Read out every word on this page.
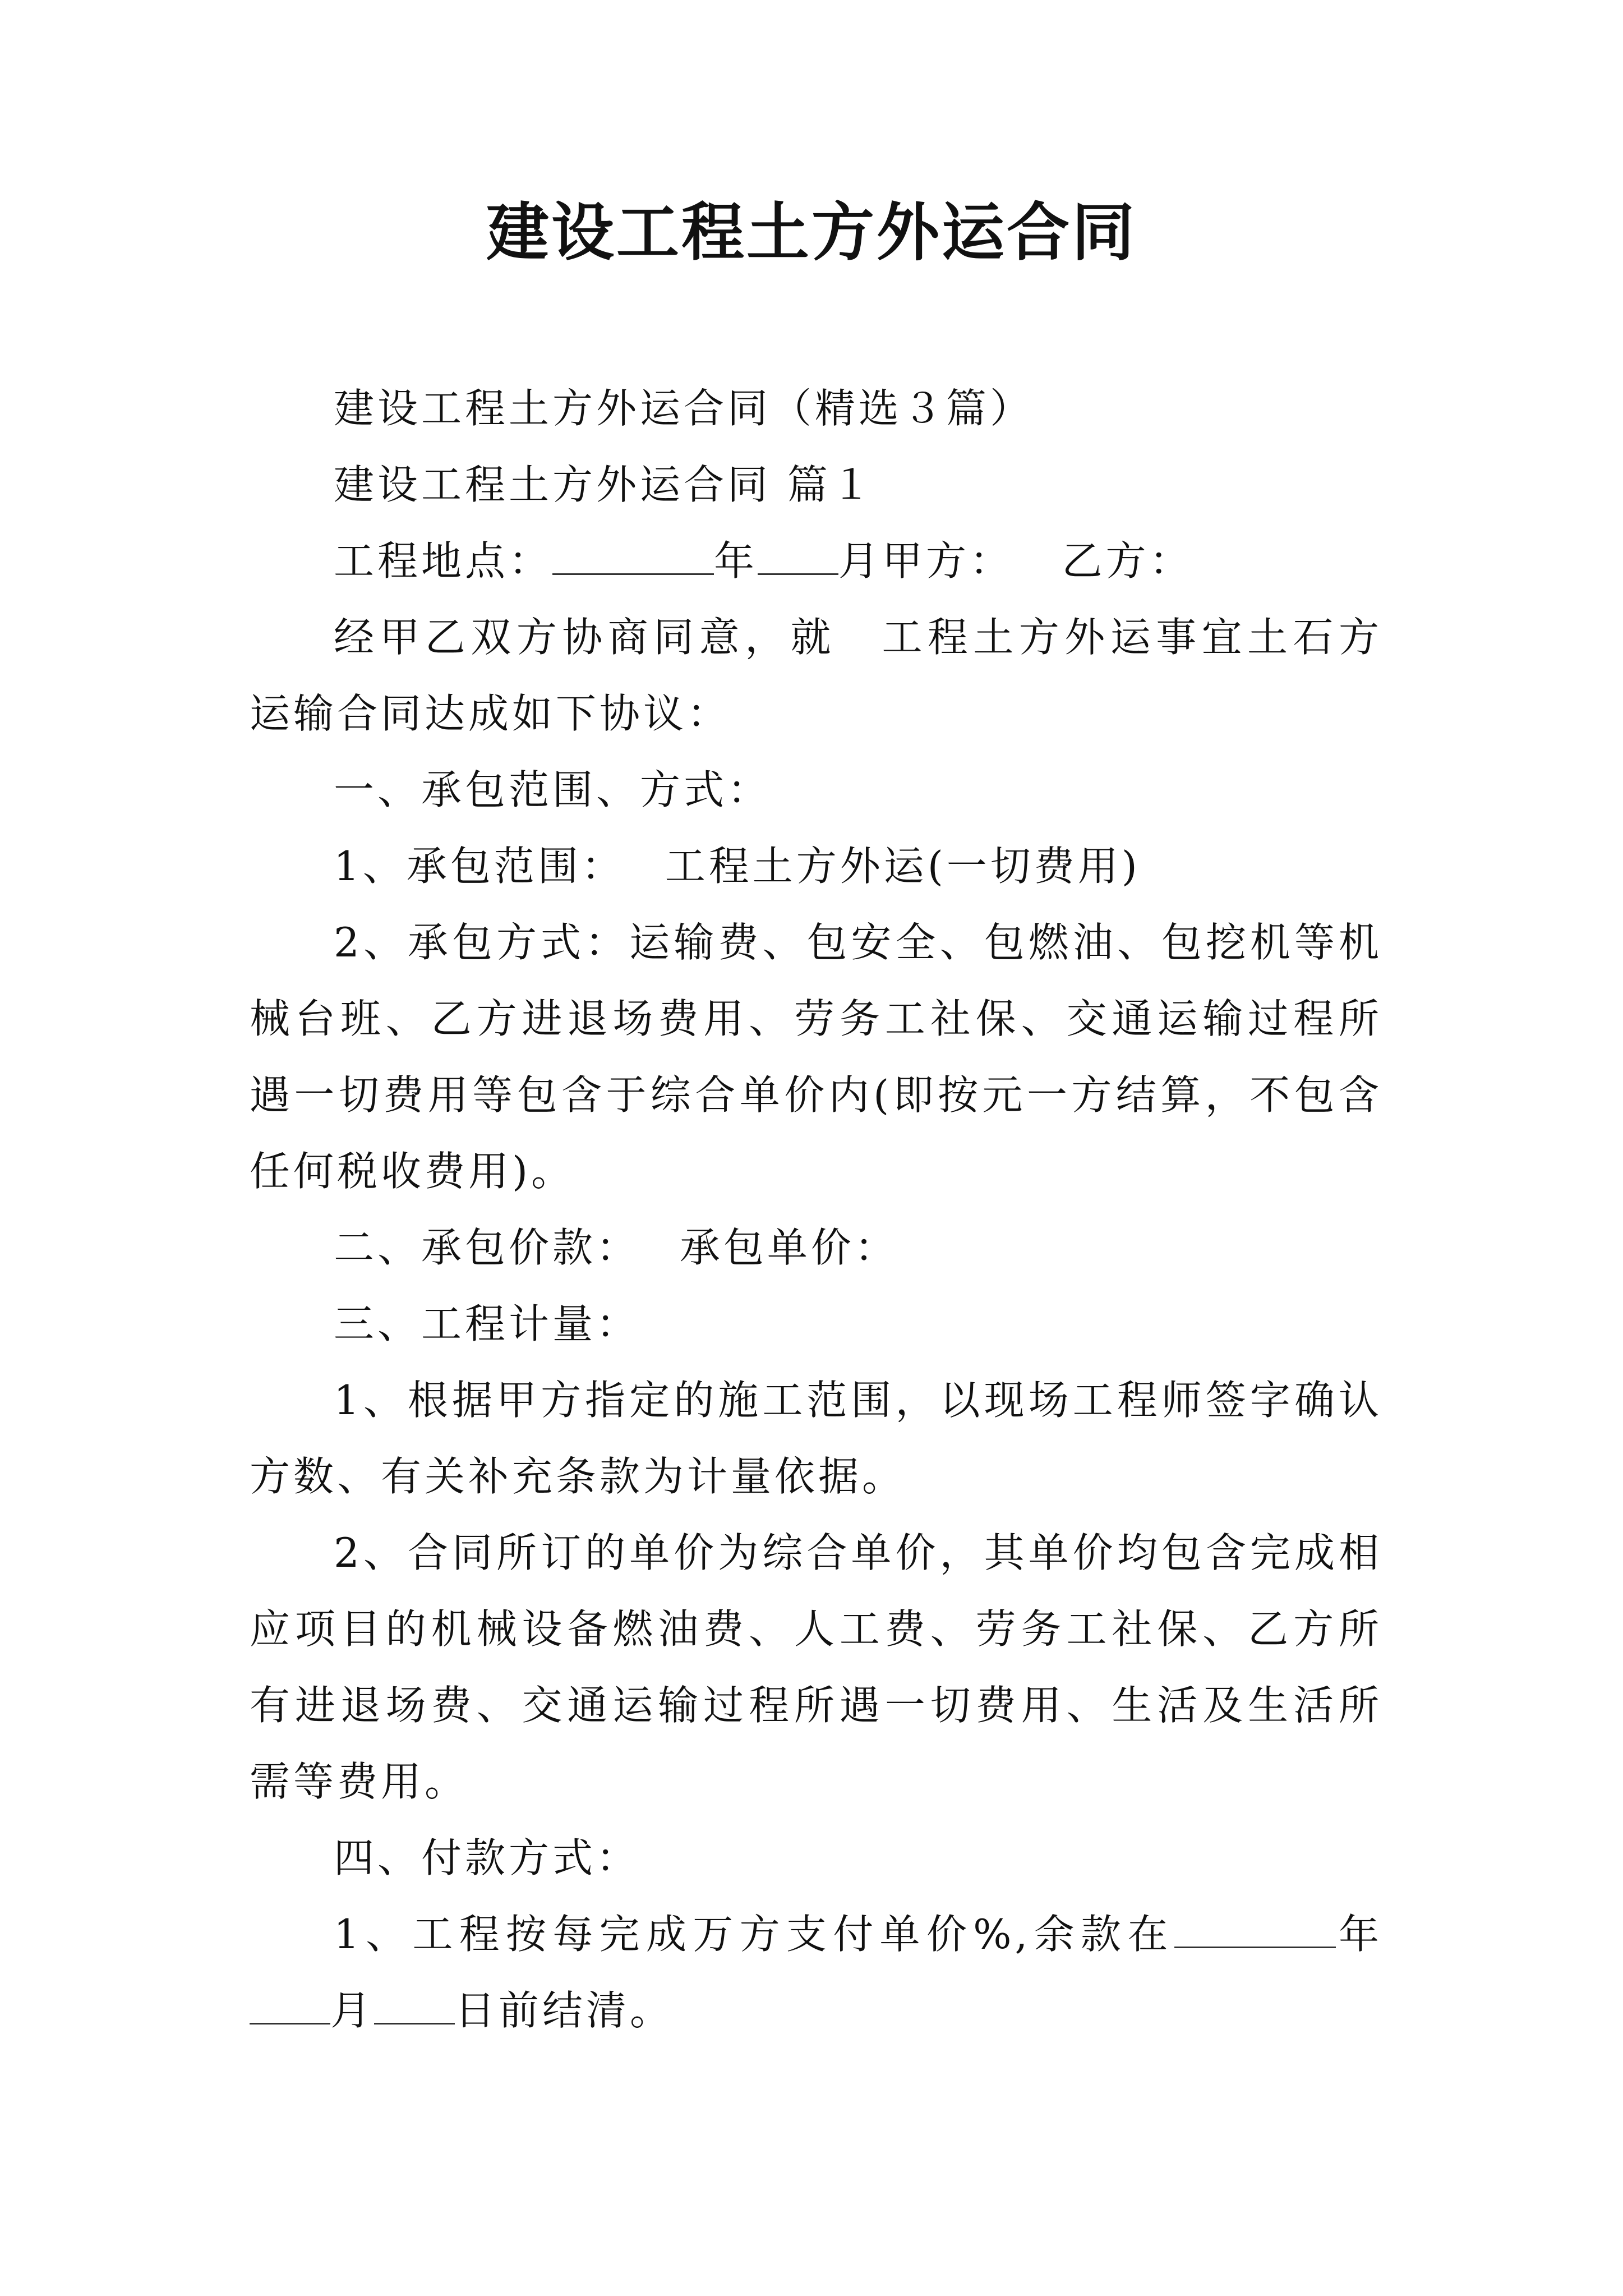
建设工程土方外运合同

建设工程土方外运合同（精选３篇）

建设工程土方外运合同 篇１

工程地点：	年 月甲方： 乙方：

经甲乙双方协商同意，就　工程土方外运事宜土石方运输合同达成如下协议：

一、承包范围、方式：

1、承包范围：　 工程土方外运(一切费用)

2、承包方式：运输费、包安全、包燃油、包挖机等机械台班、乙方进退场费用、劳务工社保、交通运输过程所遇一切费用等包含于综合单价内(即按元一方结算，不包含任何税收费用)。

二、承包价款：　 承包单价：

三、工程计量：

1、根据甲方指定的施工范围，以现场工程师签字确认方数、有关补充条款为计量依据。

2、合同所订的单价为综合单价，其单价均包含完成相应项目的机械设备燃油费、人工费、劳务工社保、乙方所有进退场费、交通运输过程所遇一切费用、生活及生活所需等费用。

四、付款方式：

1、工程按每完成万方支付单价%,余款在	年月 日前结清。
